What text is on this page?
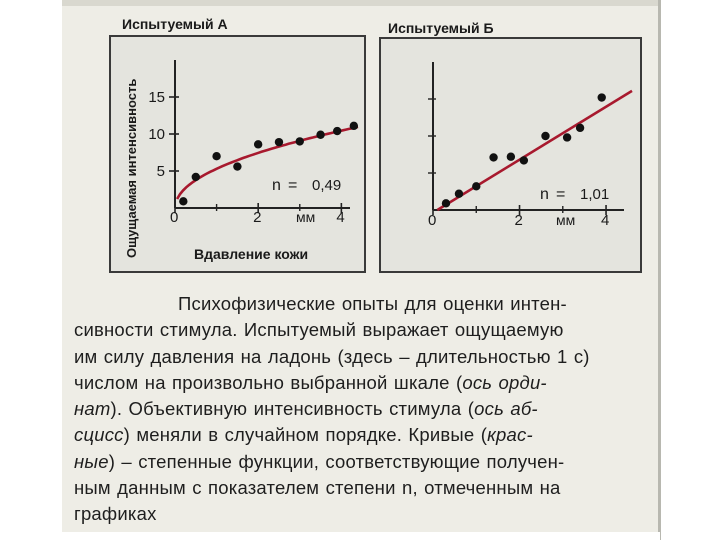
Испытуемый А
Ощущаемая интенсивность	Вдавление кожи
0	2	4
мм
5
10
15
n = 0,49
Испытуемый Б
0	2	4
мм
n = 1,01
Психофизические опыты для оценки интен-
сивности стимула. Испытуемый выражает ощущаемую
им силу давления на ладонь (здесь – длительностью 1 с)
числом на произвольно выбранной шкале (ось орди-
нат). Объективную интенсивность стимула (ось аб-
сцисс) меняли в случайном порядке. Кривые (крас-
ные) – степенные функции, соответствующие получен-
ным данным с показателем степени n, отмеченным на
графиках
